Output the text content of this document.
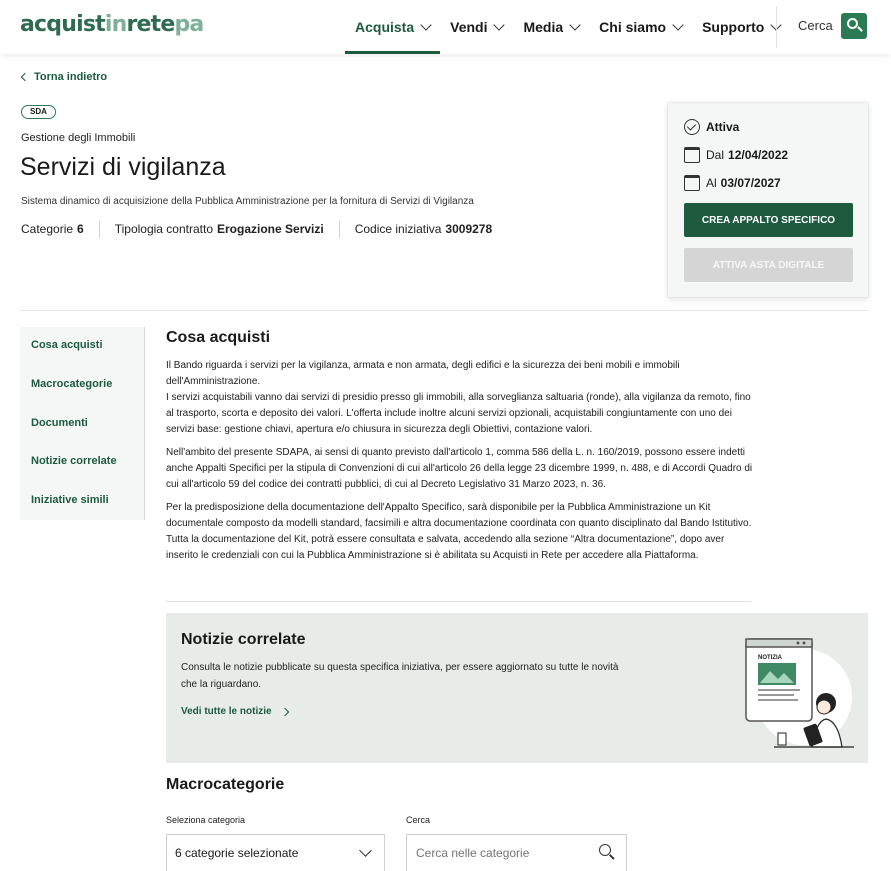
acquistinretepa	Acquista	Vendi	Media	Chi siamo	Supporto	Cerca
Torna indietro
SDA
Gestione degli Immobili
Servizi di vigilanza
Sistema dinamico di acquisizione della Pubblica Amministrazione per la fornitura di Servizi di Vigilanza
Categorie 6	Tipologia contratto Erogazione Servizi	Codice iniziativa 3009278
Attiva
Dal 12/04/2022
Al 03/07/2027
CREA APPALTO SPECIFICO
ATTIVA ASTA DIGITALE
Cosa acquisti
Macrocategorie
Documenti
Notizie correlate
Iniziative simili
Cosa acquisti

Il Bando riguarda i servizi per la vigilanza, armata e non armata, degli edifici e la sicurezza dei beni mobili e immobili dell'Amministrazione.

I servizi acquistabili vanno dai servizi di presidio presso gli immobili, alla sorveglianza saltuaria (ronde), alla vigilanza da remoto, fino al trasporto, scorta e deposito dei valori. L'offerta include inoltre alcuni servizi opzionali, acquistabili congiuntamente con uno dei servizi base: gestione chiavi, apertura e/o chiusura in sicurezza degli Obiettivi, contazione valori.

Nell'ambito del presente SDAPA, ai sensi di quanto previsto dall'articolo 1, comma 586 della L. n. 160/2019, possono essere indetti anche Appalti Specifici per la stipula di Convenzioni di cui all'articolo 26 della legge 23 dicembre 1999, n. 488, e di Accordi Quadro di cui all'articolo 59 del codice dei contratti pubblici, di cui al Decreto Legislativo 31 Marzo 2023, n. 36.

Per la predisposizione della documentazione dell'Appalto Specifico, sarà disponibile per la Pubblica Amministrazione un Kit documentale composto da modelli standard, facsimili e altra documentazione coordinata con quanto disciplinato dal Bando Istitutivo. Tutta la documentazione del Kit, potrà essere consultata e salvata, accedendo alla sezione “Altra documentazione”, dopo aver inserito le credenziali con cui la Pubblica Amministrazione si è abilitata su Acquisti in Rete per accedere alla Piattaforma.

Notizie correlate

Consulta le notizie pubblicate su questa specifica iniziativa, per essere aggiornato su tutte le novità che la riguardano.

Vedi tutte le notizie
NOTIZIA
Macrocategorie
Seleziona categoria
6 categorie selezionate
Cerca
Cerca nelle categorie
